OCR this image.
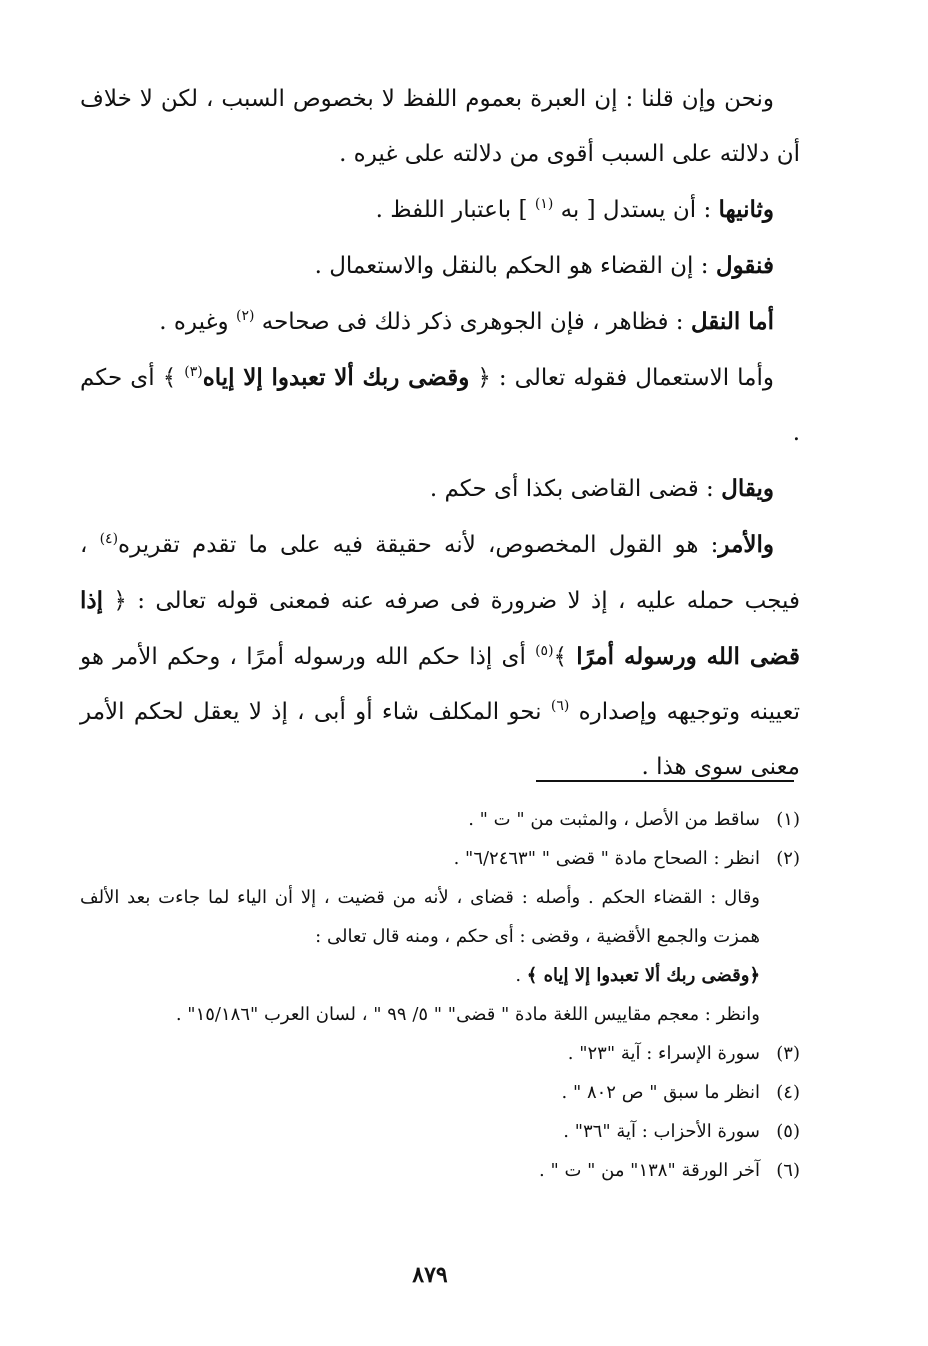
ونحن وإن قلنا : إن العبرة بعموم اللفظ لا بخصوص السبب ، لكن لا خلاف أن دلالته على السبب أقوى من دلالته على غيره .

وثانيها : أن يستدل [ به $^{(١)}$ ] باعتبار اللفظ .

فنقول : إن القضاء هو الحكم بالنقل والاستعمال .

أما النقل : فظاهر ، فإن الجوهرى ذكر ذلك فى صحاحه $^{(٢)}$ وغيره .

وأما الاستعمال فقوله تعالى : ﴿ وقضى ربك ألا تعبدوا إلا إياه$^{(٣)}$ ﴾ أى حكم .

ويقال : قضى القاضى بكذا أى حكم .

والأمر: هو القول المخصوص، لأنه حقيقة فيه على ما تقدم تقريره$^{(٤)}$ ، فيجب حمله عليه ، إذ لا ضرورة فى صرفه عنه فمعنى قوله تعالى : ﴿ إذا قضى الله ورسوله أمرًا ﴾$^{(٥)}$ أى إذا حكم الله ورسوله أمرًا ، وحكم الأمر هو تعيينه وتوجيهه وإصداره $^{(٦)}$ نحو المكلف شاء أو أبى ، إذ لا يعقل لحكم الأمر معنى سوى هذا .

(١)
ساقط من الأصل ، والمثبت من " ت " .
(٢)
انظر : الصحاح مادة " قضى " "٦/٢٤٦٣" .
وقال : القضاء الحكم . وأصله : قضاى ، لأنه من قضيت ، إلا أن الياء لما جاءت بعد الألف همزت والجمع الأقضية ، وقضى : أى حكم ، ومنه قال تعالى :
﴿وقضى ربك ألا تعبدوا إلا إياه ﴾ .
وانظر : معجم مقاييس اللغة مادة " قضى" " ٥/ ٩٩ " ، لسان العرب "١٥/١٨٦" .
(٣)
سورة الإسراء : آية "٢٣" .
(٤)
انظر ما سبق " ص ٨٠٢ " .
(٥)
سورة الأحزاب : آية "٣٦" .
(٦)
آخر الورقة "١٣٨" من " ت " .
٨٧٩
